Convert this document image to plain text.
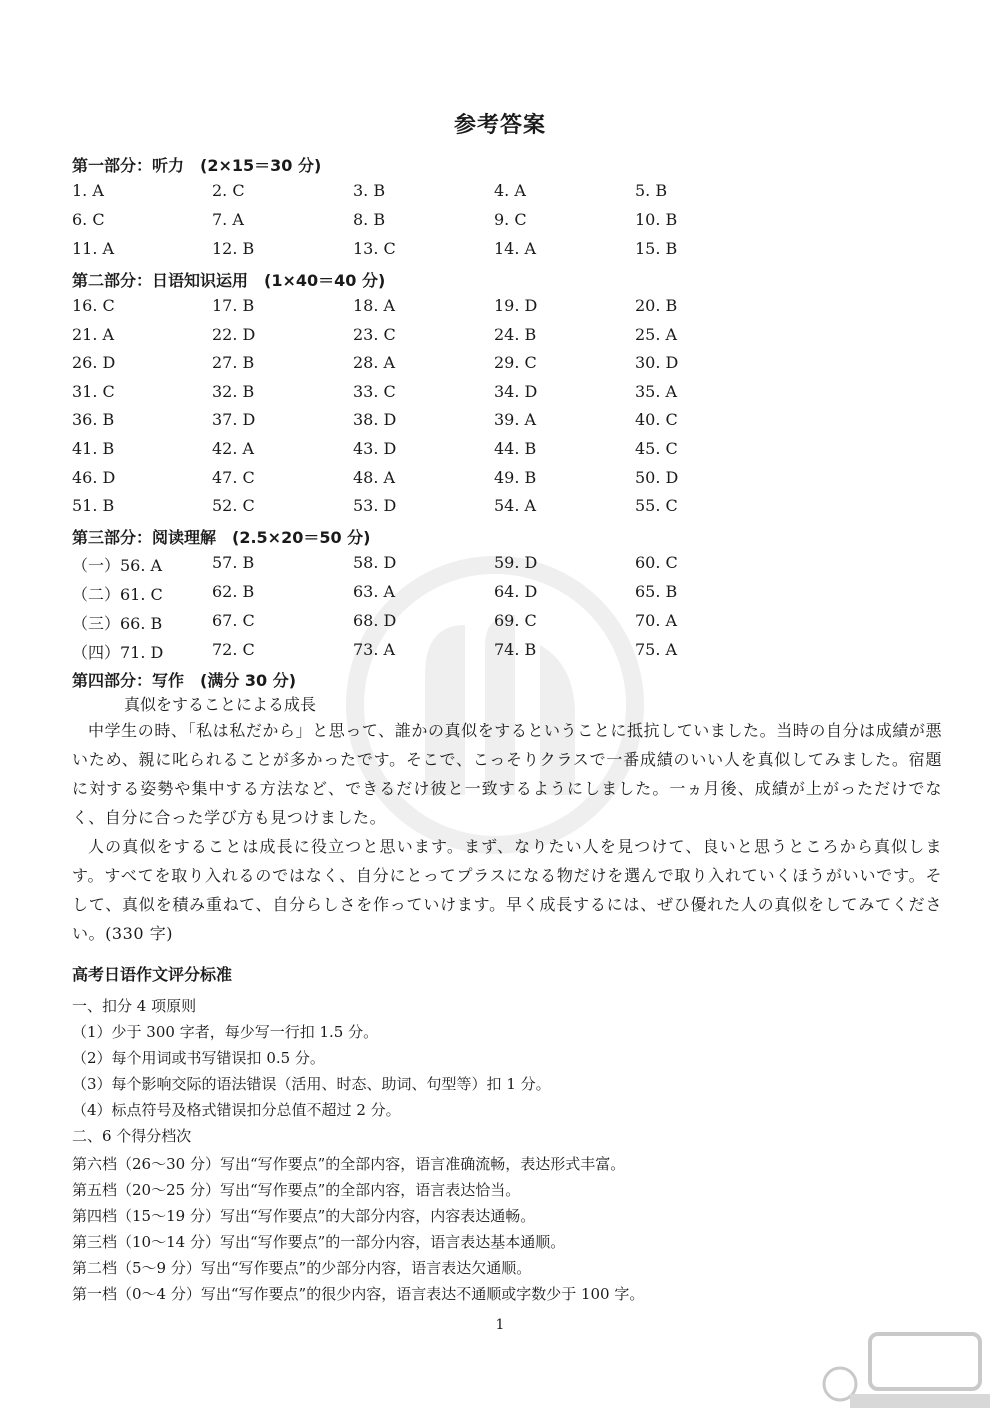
参考答案
第一部分：听力　(2×15＝30 分)
1. A	2. C	3. B	4. A	5. B
6. C	7. A	8. B	9. C	10. B
11. A	12. B	13. C	14. A	15. B
第二部分：日语知识运用　(1×40＝40 分)
16. C	17. B	18. A	19. D	20. B
21. A	22. D	23. C	24. B	25. A
26. D	27. B	28. A	29. C	30. D
31. C	32. B	33. C	34. D	35. A
36. B	37. D	38. D	39. A	40. C
41. B	42. A	43. D	44. B	45. C
46. D	47. C	48. A	49. B	50. D
51. B	52. C	53. D	54. A	55. C
第三部分：阅读理解　(2.5×20＝50 分)
（一）56. A	57. B	58. D	59. D	60. C
（二）61. C	62. B	63. A	64. D	65. B
（三）66. B	67. C	68. D	69. C	70. A
（四）71. D	72. C	73. A	74. B	75. A
第四部分：写作　(满分 30 分)
真似をすることによる成長

中学生の時、「私は私だから」と思って、誰かの真似をするということに抵抗していました。当時の自分は成績が悪いため、親に叱られることが多かったです。そこで、こっそりクラスで一番成績のいい人を真似してみました。宿題に対する姿勢や集中する方法など、できるだけ彼と一致するようにしました。一ヵ月後、成績が上がっただけでなく、自分に合った学び方も見つけました。

人の真似をすることは成長に役立つと思います。まず、なりたい人を見つけて、良いと思うところから真似します。すべてを取り入れるのではなく、自分にとってプラスになる物だけを選んで取り入れていくほうがいいです。そして、真似を積み重ねて、自分らしさを作っていけます。早く成長するには、ぜひ優れた人の真似をしてみてください。(330 字)

高考日语作文评分标准
一、扣分 4 项原则
（1）少于 300 字者，每少写一行扣 1.5 分。
（2）每个用词或书写错误扣 0.5 分。
（3）每个影响交际的语法错误（活用、时态、助词、句型等）扣 1 分。
（4）标点符号及格式错误扣分总值不超过 2 分。
二、6 个得分档次
第六档（26～30 分）写出“写作要点”的全部内容，语言准确流畅，表达形式丰富。
第五档（20～25 分）写出“写作要点”的全部内容，语言表达恰当。
第四档（15～19 分）写出“写作要点”的大部分内容，内容表达通畅。
第三档（10～14 分）写出“写作要点”的一部分内容，语言表达基本通顺。
第二档（5～9 分）写出“写作要点”的少部分内容，语言表达欠通顺。
第一档（0～4 分）写出“写作要点”的很少内容，语言表达不通顺或字数少于 100 字。
1
